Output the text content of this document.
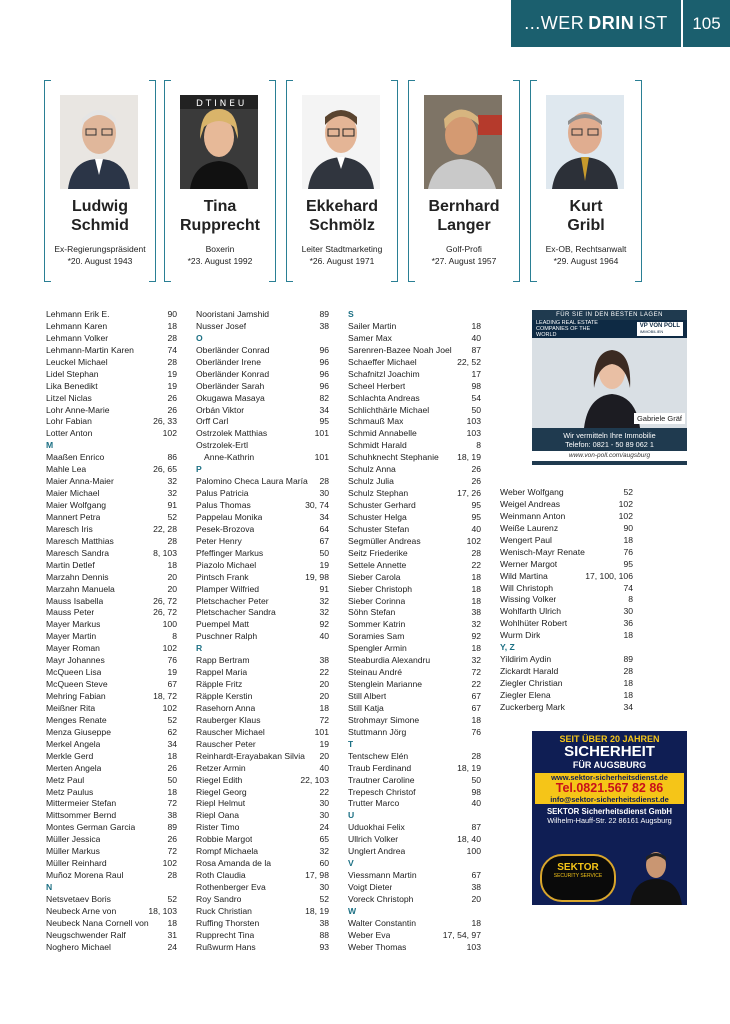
...WER DRIN IST	105
Ludwig
Schmid
Ex-Regierungspräsident
*20. August 1943
D T I N E U
Tina
Rupprecht
Boxerin
*23. August 1992
Ekkehard
Schmölz
Leiter Stadtmarketing
*26. August 1971
Bernhard
Langer
Golf-Profi
*27. August 1957
Kurt
Gribl
Ex-OB, Rechtsanwalt
*29. August 1964
Lehmann Erik E.	90
Lehmann Karen	18
Lehmann Volker	28
Lehmann-Martin Karen	74
Leuckel Michael	28
Lidel Stephan	19
Lika Benedikt	19
Litzel Niclas	26
Lohr Anne-Marie	26
Lohr Fabian	26, 33
Lotter Anton	102
M
Maaßen Enrico	86
Mahle Lea	26, 65
Maier Anna-Maier	32
Maier Michael	32
Maier Wolfgang	91
Mannert Petra	52
Maresch Iris	22, 28
Maresch Matthias	28
Maresch Sandra	8, 103
Martin Detlef	18
Marzahn Dennis	20
Marzahn Manuela	20
Mauss Isabella	26, 72
Mauss Peter	26, 72
Mayer Markus	100
Mayer Martin	8
Mayer Roman	102
Mayr Johannes	76
McQueen Lisa	19
McQueen Steve	67
Mehring Fabian	18, 72
Meißner Rita	102
Menges Renate	52
Menza Giuseppe	62
Merkel Angela	34
Merkle Gerd	18
Merten Angela	26
Metz Paul	50
Metz Paulus	18
Mittermeier Stefan	72
Mittsommer Bernd	38
Montes German Garcia	89
Müller Jessica	26
Müller Markus	72
Müller Reinhard	102
Muñoz Morena Raul	28
N
Netsvetaev Boris	52
Neubeck Arne von	18, 103
Neubeck Nana Cornell von	18
Neugschwender Ralf	31
Noghero Michael	24
Nooristani Jamshid	89
Nusser Josef	38
O
Oberländer Conrad	96
Oberländer Irene	96
Oberländer Konrad	96
Oberländer Sarah	96
Okugawa Masaya	82
Orbán Viktor	34
Orff Carl	95
Ostrzolek Matthias	101
Ostrzolek-Ertl
Anne-Kathrin	101
P
Palomino Checa Laura María	28
Palus Patricia	30
Palus Thomas	30, 74
Pappelau Monika	34
Pesek-Brozova	64
Peter Henry	67
Pfeffinger Markus	50
Piazolo Michael	19
Pintsch Frank	19, 98
Plamper Wilfried	91
Pletschacher Peter	32
Pletschacher Sandra	32
Puempel Matt	92
Puschner Ralph	40
R
Rapp Bertram	38
Rappel Maria	22
Räpple Fritz	20
Räpple Kerstin	20
Rasehorn Anna	18
Rauberger Klaus	72
Rauscher Michael	101
Rauscher Peter	19
Reinhardt-Erayabakan Silvia	20
Retzer Armin	40
Riegel Edith	22, 103
Riegel Georg	22
Riepl Helmut	30
Riepl Oana	30
Rister Timo	24
Robbie Margot	65
Rompf Michaela	32
Rosa Amanda de la	60
Roth Claudia	17, 98
Rothenberger Eva	30
Roy Sandro	52
Ruck Christian	18, 19
Ruffing Thorsten	38
Rupprecht Tina	88
Rußwurm Hans	93
S
Sailer Martin	18
Samer Max	40
Sarenren-Bazee Noah Joel	87
Schaeffer Michael	22, 52
Schafnitzl Joachim	17
Scheel Herbert	98
Schlachta Andreas	54
Schlichthärle Michael	50
Schmauß Max	103
Schmid Annabelle	103
Schmidt Harald	8
Schuhknecht Stephanie	18, 19
Schulz Anna	26
Schulz Julia	26
Schulz Stephan	17, 26
Schuster Gerhard	95
Schuster Helga	95
Schuster Stefan	40
Segmüller Andreas	102
Seitz Friederike	28
Settele Annette	22
Sieber Carola	18
Sieber Christoph	18
Sieber Corinna	18
Söhn Stefan	38
Sommer Katrin	32
Soramies Sam	92
Spengler Armin	18
Steaburdia Alexandru	32
Steinau André	72
Stenglein Marianne	22
Still Albert	67
Still Katja	67
Strohmayr Simone	18
Stuttmann Jörg	76
T
Tentschew Elén	28
Traub Ferdinand	18, 19
Trautner Caroline	50
Trepesch Christof	98
Trutter Marco	40
U
Uduokhai Felix	87
Ullrich Volker	18, 40
Unglert Andrea	100
V
Viessmann Martin	67
Voigt Dieter	38
Voreck Christoph	20
W
Walter Constantin	18
Weber Eva	17, 54, 97
Weber Thomas	103
Weber Wolfgang	52
Weigel Andreas	102
Weinmann Anton	102
Weiße Laurenz	90
Wengert Paul	18
Wenisch-Mayr Renate	76
Werner Margot	95
Wild Martina	17, 100, 106
Will Christoph	74
Wissing Volker	8
Wohlfarth Ulrich	30
Wohlhüter Robert	36
Wurm Dirk	18
Y, Z
Yildirim Aydin	89
Zickardt Harald	28
Ziegler Christian	18
Ziegler Elena	18
Zuckerberg Mark	34
FÜR SIE IN DEN BESTEN LAGEN
LEADING REAL ESTATE COMPANIES OF THE WORLD
VP VON POLL
IMMOBILIEN
Gabriele Gräf
Wir vermitteln Ihre Immobilie
Telefon: 0821 - 50 89 062 1
www.von-poll.com/augsburg
SEIT ÜBER 20 JAHREN
SICHERHEIT
FÜR AUGSBURG
www.sektor-sicherheitsdienst.de
Tel.0821.567 82 86
info@sektor-sicherheitsdienst.de
SEKTOR Sicherheitsdienst GmbH
Wilhelm-Hauff-Str. 22 86161 Augsburg
SEKTOR
SECURITY SERVICE
